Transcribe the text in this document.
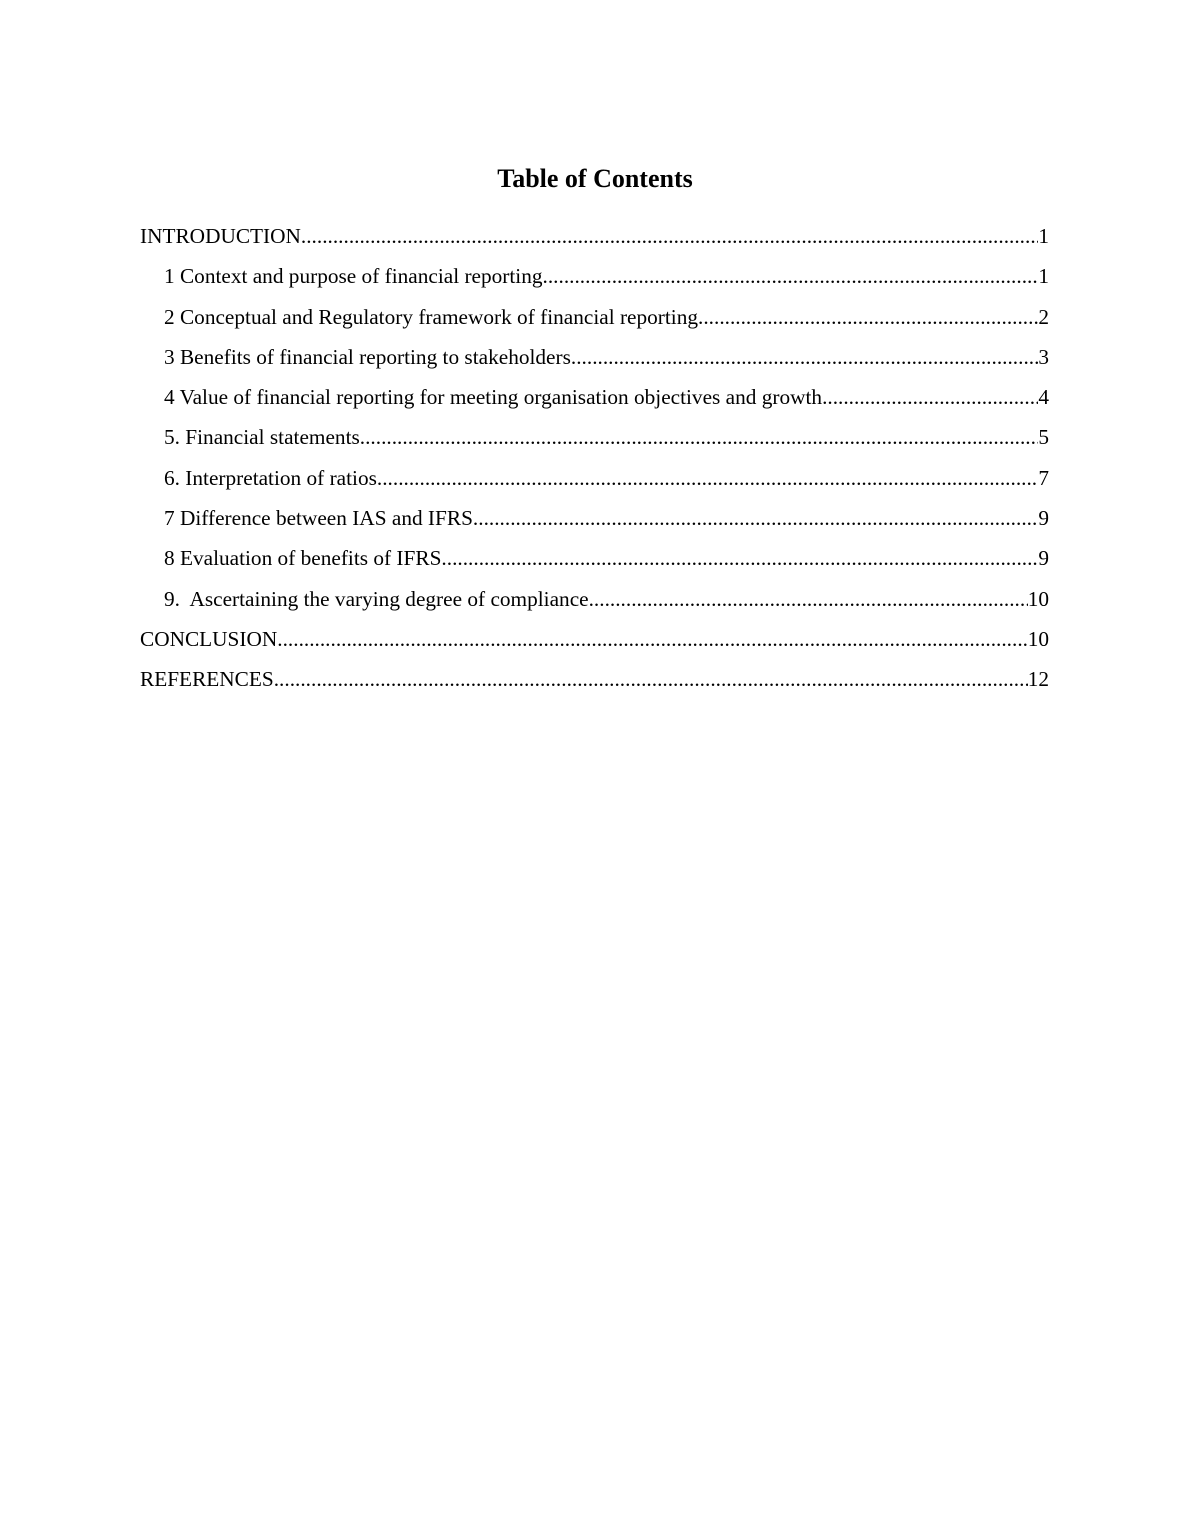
Table of Contents
INTRODUCTION .....	1
1 Context and purpose of financial reporting .....	1
2 Conceptual and Regulatory framework of financial reporting .....	2
3 Benefits of financial reporting to stakeholders .....	3
4 Value of financial reporting for meeting organisation objectives and growth .....	4
5. Financial statements .....	5
6. Interpretation of ratios .....	7
7 Difference between IAS and IFRS .....	9
8 Evaluation of benefits of IFRS .....	9
9.  Ascertaining the varying degree of compliance .....	10
CONCLUSION .....	10
REFERENCES .....	12
